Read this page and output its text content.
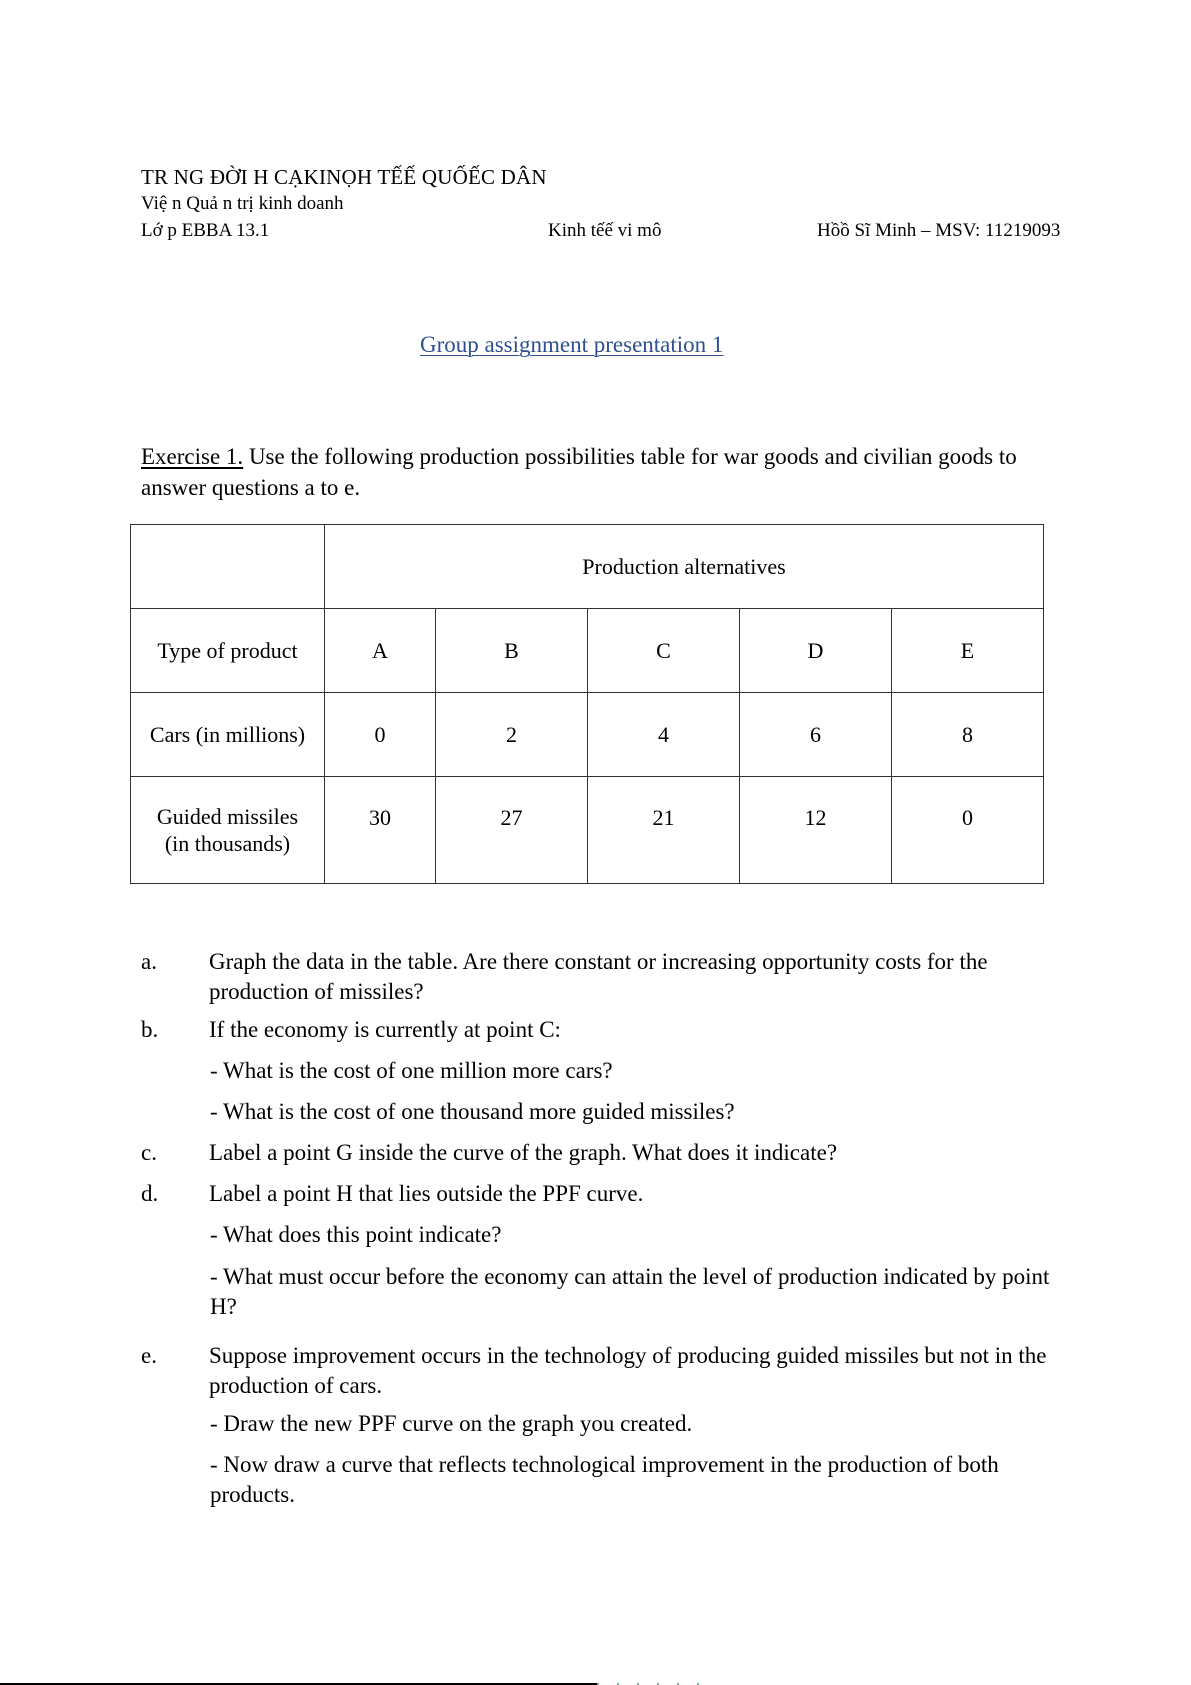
TR NG ĐỜI H CẠKINỌH TẾẾ QUỐẾC DÂN
Việ n Quả n trị kinh doanh
Lớ p EBBA 13.1	Kinh tếế vi mô	Hồồ Sĩ Minh – MSV: 11219093
Group assignment presentation 1
Exercise 1. Use the following production possibilities table for war goods and civilian goods to answer questions a to e.
	Production alternatives				
Type of product	A	B	C	D	E
Cars (in millions)	0	2	4	6	8

Guided missiles
(in thousands)	30	27	21	12	0
a. Graph the data in the table. Are there constant or increasing opportunity costs for the production of missiles?
b. If the economy is currently at point C:
- What is the cost of one million more cars?
- What is the cost of one thousand more guided missiles?
c. Label a point G inside the curve of the graph. What does it indicate?
d. Label a point H that lies outside the PPF curve.
- What does this point indicate?
- What must occur before the economy can attain the level of production indicated by point H?
e. Suppose improvement occurs in the technology of producing guided missiles but not in the production of cars.
- Draw the new PPF curve on the graph you created.
- Now draw a curve that reflects technological improvement in the production of both products.
